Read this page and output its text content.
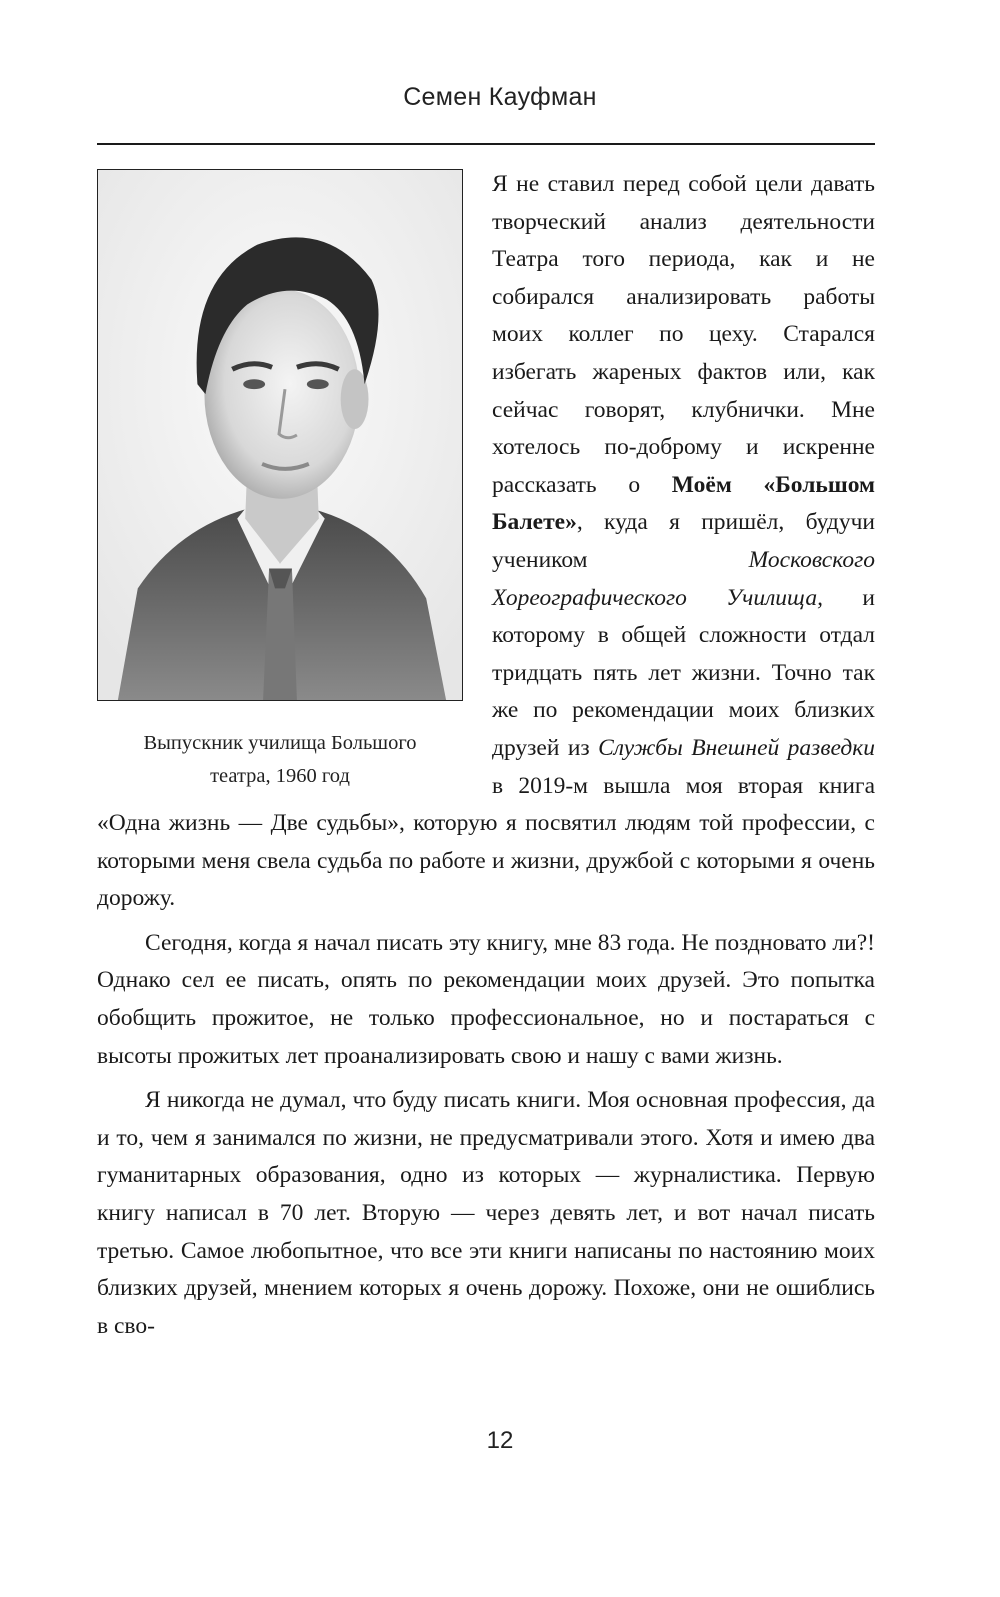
Семен Кауфман
Выпускник училища Большого
театра, 1960 год

Я не ставил перед собой цели давать творческий анализ деятельности Театра того периода, как и не собирался анализировать работы моих коллег по цеху. Старался избегать жареных фактов или, как сейчас говорят, клубнички. Мне хотелось по-доброму и искренне рассказать о Моём «Большом Балете», куда я пришёл, будучи учеником Московского Хореографического Училища, и которому в общей сложности отдал тридцать пять лет жизни. Точно так же по рекомендации моих близких друзей из Службы Внешней разведки в 2019-м вышла моя вторая книга «Одна жизнь — Две судьбы», которую я посвятил людям той профессии, с которыми меня свела судьба по работе и жизни, дружбой с которыми я очень дорожу.

Сегодня, когда я начал писать эту книгу, мне 83 года. Не поздновато ли?! Однако сел ее писать, опять по рекомендации моих друзей. Это попытка обобщить прожитое, не только профессиональное, но и постараться с высоты прожитых лет проанализировать свою и нашу с вами жизнь.

Я никогда не думал, что буду писать книги. Моя основная профессия, да и то, чем я занимался по жизни, не предусматривали этого. Хотя и имею два гуманитарных образования, одно из которых — журналистика. Первую книгу написал в 70 лет. Вторую — через девять лет, и вот начал писать третью. Самое любопытное, что все эти книги написаны по настоянию моих близких друзей, мнением которых я очень дорожу. Похоже, они не ошиблись в сво-

12
